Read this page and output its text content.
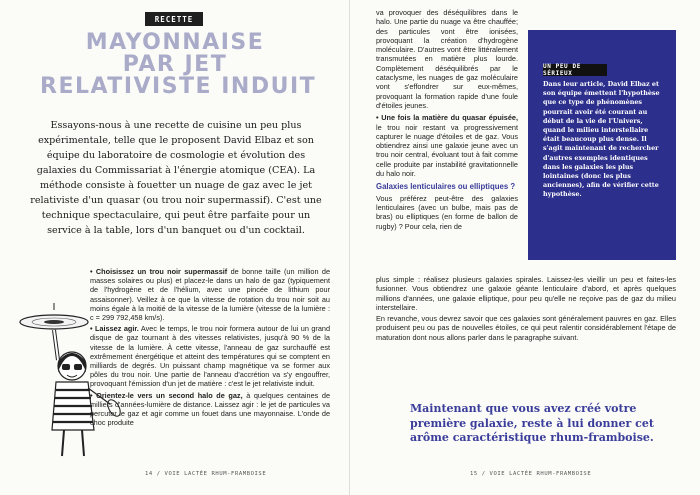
RECETTE
MAYONNAISE
PAR JET
RELATIVISTE INDUIT
Essayons-nous à une recette de cuisine un peu plus expérimentale, telle que le proposent David Elbaz et son équipe du laboratoire de cosmologie et évolution des galaxies du Commissariat à l'énergie atomique (CEA). La méthode consiste à fouetter un nuage de gaz avec le jet relativiste d'un quasar (ou trou noir supermassif). C'est une technique spectaculaire, qui peut être parfaite pour un service à la table, lors d'un banquet ou d'un cocktail.

• Choisissez un trou noir supermassif de bonne taille (un million de masses solaires ou plus) et placez-le dans un halo de gaz (typiquement de l'hydrogène et de l'hélium, avec une pincée de lithium pour assaisonner). Veillez à ce que la vitesse de rotation du trou noir soit au moins égale à la moitié de la vitesse de la lumière (vitesse de la lumière : c = 299 792,458 km/s).

• Laissez agir. Avec le temps, le trou noir formera autour de lui un grand disque de gaz tournant à des vitesses relativistes, jusqu'à 90 % de la vitesse de la lumière. À cette vitesse, l'anneau de gaz surchauffé est extrêmement énergétique et atteint des températures qui se comptent en milliards de degrés. Un puissant champ magnétique va se former aux pôles du trou noir. Une partie de l'anneau d'accrétion va s'y engouffrer, provoquant l'émission d'un jet de matière : c'est le jet relativiste induit.

• Orientez-le vers un second halo de gaz, à quelques centaines de milliers d'années-lumière de distance. Laissez agir : le jet de particules va percuter le gaz et agir comme un fouet dans une mayonnaise. L'onde de choc produite

14 / VOIE LACTÉE RHUM-FRAMBOISE

va provoquer des déséquilibres dans le halo. Une partie du nuage va être chauffée; des particules vont être ionisées, provoquant la création d'hydrogène moléculaire. D'autres vont être littéralement transmutées en matière plus lourde. Complètement déséquilibrés par le cataclysme, les nuages de gaz moléculaire vont s'effondrer sur eux-mêmes, provoquant la formation rapide d'une foule d'étoiles jeunes.

• Une fois la matière du quasar épuisée, le trou noir restant va progressivement capturer le nuage d'étoiles et de gaz. Vous obtiendrez ainsi une galaxie jeune avec un trou noir central, évoluant tout à fait comme celle produite par instabilité gravitationnelle du halo noir.

Galaxies lenticulaires ou elliptiques ?

Vous préférez peut-être des galaxies lenticulaires (avec un bulbe, mais pas de bras) ou elliptiques (en forme de ballon de rugby) ? Pour cela, rien de

UN PEU DE SÉRIEUX
Dans leur article, David Elbaz et son équipe émettent l'hypothèse que ce type de phénomènes pourrait avoir été courant au début de la vie de l'Univers, quand le milieu interstellaire était beaucoup plus dense. Il s'agit maintenant de rechercher d'autres exemples identiques dans les galaxies les plus lointaines (donc les plus anciennes), afin de vérifier cette hypothèse.

plus simple : réalisez plusieurs galaxies spirales. Laissez-les vieillir un peu et faites-les fusionner. Vous obtiendrez une galaxie géante lenticulaire d'abord, et après quelques millions d'années, une galaxie elliptique, pour peu qu'elle ne reçoive pas de gaz du milieu interstellaire.

En revanche, vous devrez savoir que ces galaxies sont généralement pauvres en gaz. Elles produisent peu ou pas de nouvelles étoiles, ce qui peut ralentir considérablement l'étape de maturation dont nous allons parler dans le paragraphe suivant.

Maintenant que vous avez créé votre première galaxie, reste à lui donner cet arôme caractéristique rhum-framboise.
15 / VOIE LACTÉE RHUM-FRAMBOISE
